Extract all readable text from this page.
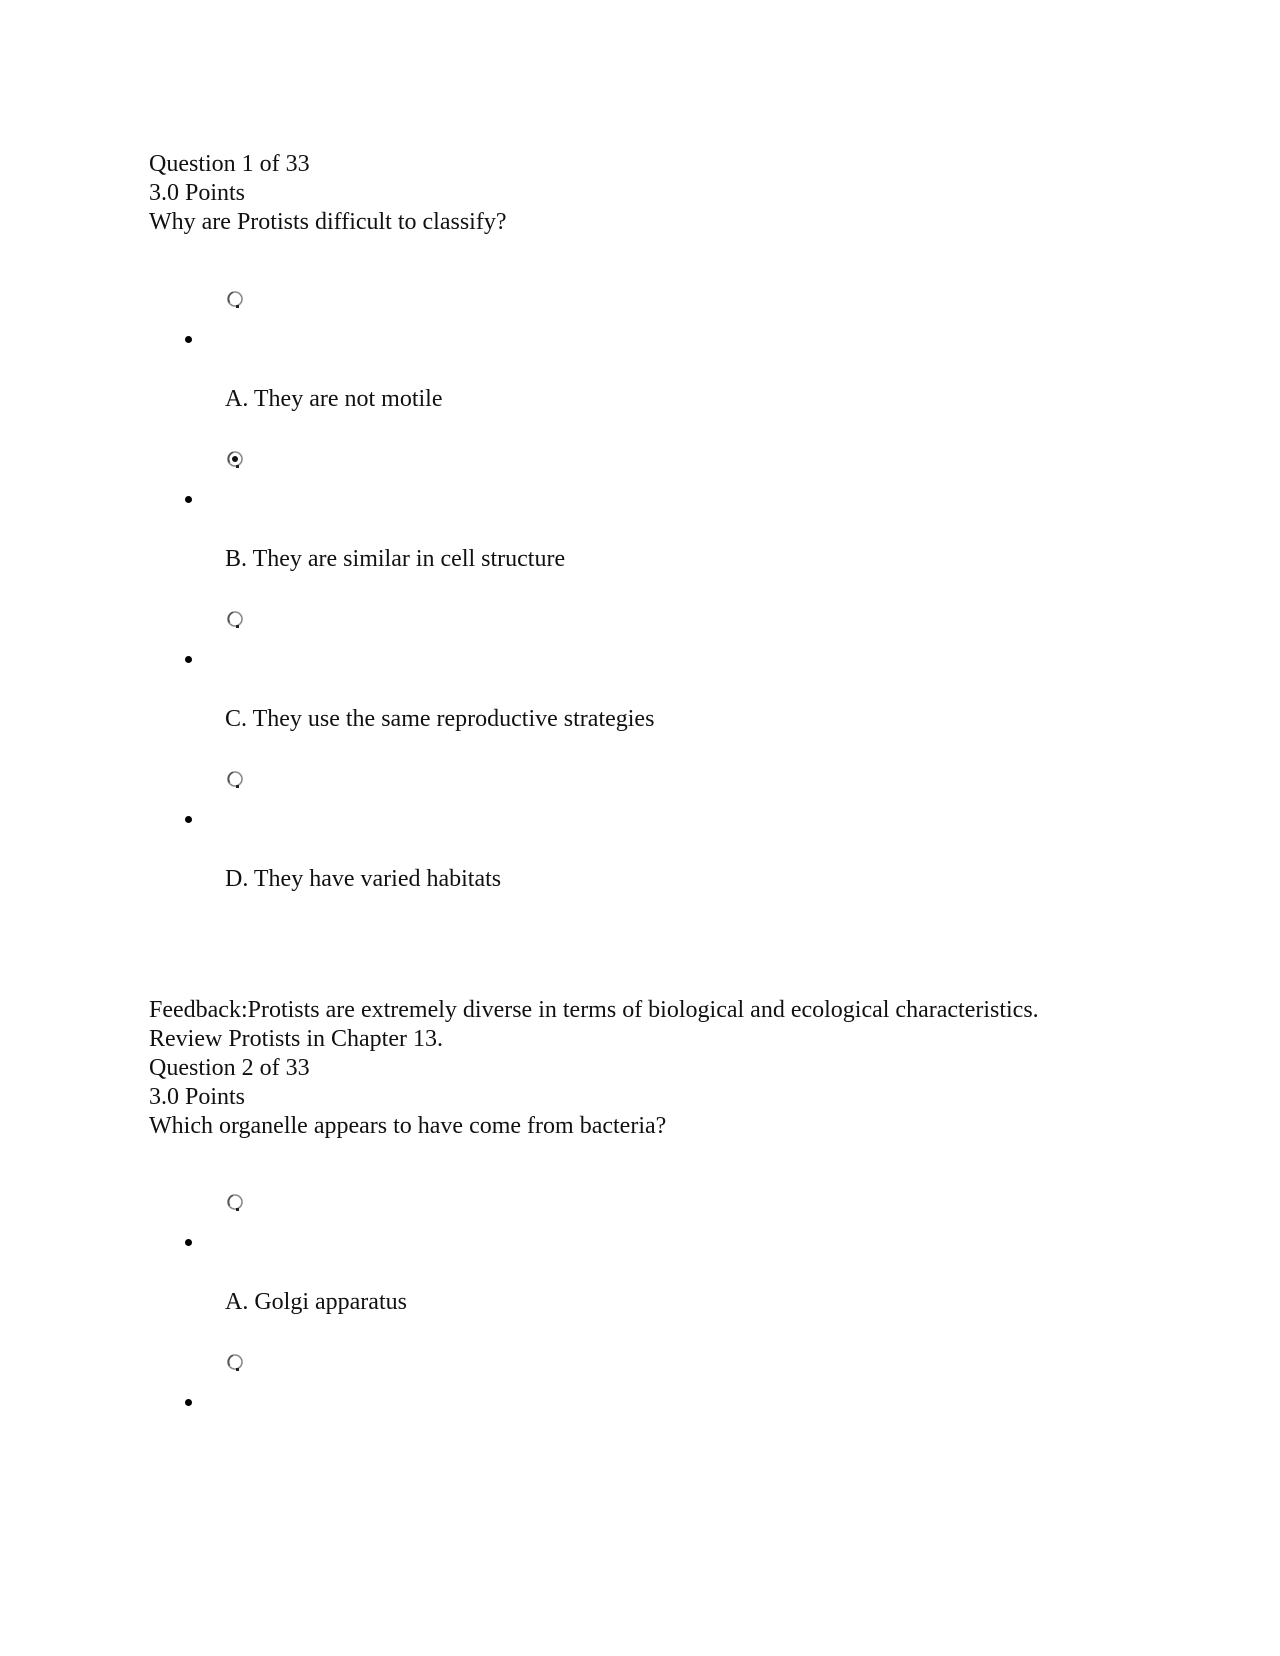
Question 1 of 33
3.0 Points
Why are Protists difficult to classify?
A. They are not motile
B. They are similar in cell structure
C. They use the same reproductive strategies
D. They have varied habitats
Feedback:Protists are extremely diverse in terms of biological and ecological characteristics.
Review Protists in Chapter 13.
Question 2 of 33
3.0 Points
Which organelle appears to have come from bacteria?
A. Golgi apparatus
